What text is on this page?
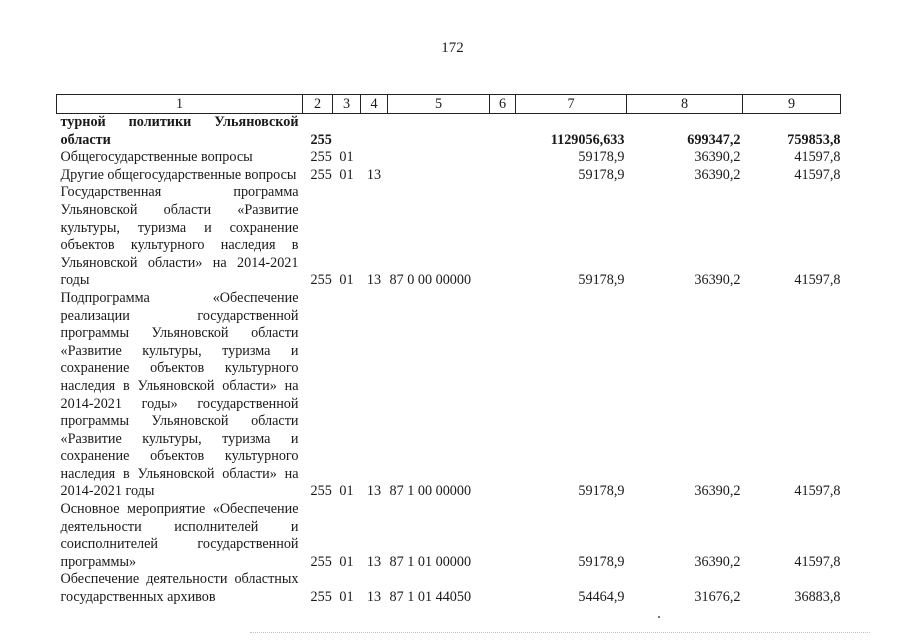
172
1	2	3	4	5	6	7	8	9
турной политики Ульяновской области	255					1129056,633	699347,2	759853,8
Общегосударственные вопросы	255	01				59178,9	36390,2	41597,8
Другие общегосударственные вопросы	255	01	13			59178,9	36390,2	41597,8
Государственная программа Ульяновской области «Развитие культуры, туризма и сохранение объектов культурного наследия в Ульяновской области» на 2014-2021 годы	255	01	13	87 0 00 00000		59178,9	36390,2	41597,8
Подпрограмма «Обеспечение реализации государственной программы Ульяновской области «Развитие культуры, туризма и сохранение объектов культурного наследия в Ульяновской области» на 2014-2021 годы» государственной программы Ульяновской области «Развитие культуры, туризма и сохранение объектов культурного наследия в Ульяновской области» на 2014-2021 годы	255	01	13	87 1 00 00000		59178,9	36390,2	41597,8
Основное мероприятие «Обеспечение деятельности исполнителей и соисполнителей государственной программы»	255	01	13	87 1 01 00000		59178,9	36390,2	41597,8
Обеспечение деятельности областных государственных архивов	255	01	13	87 1 01 44050		54464,9	31676,2	36883,8
